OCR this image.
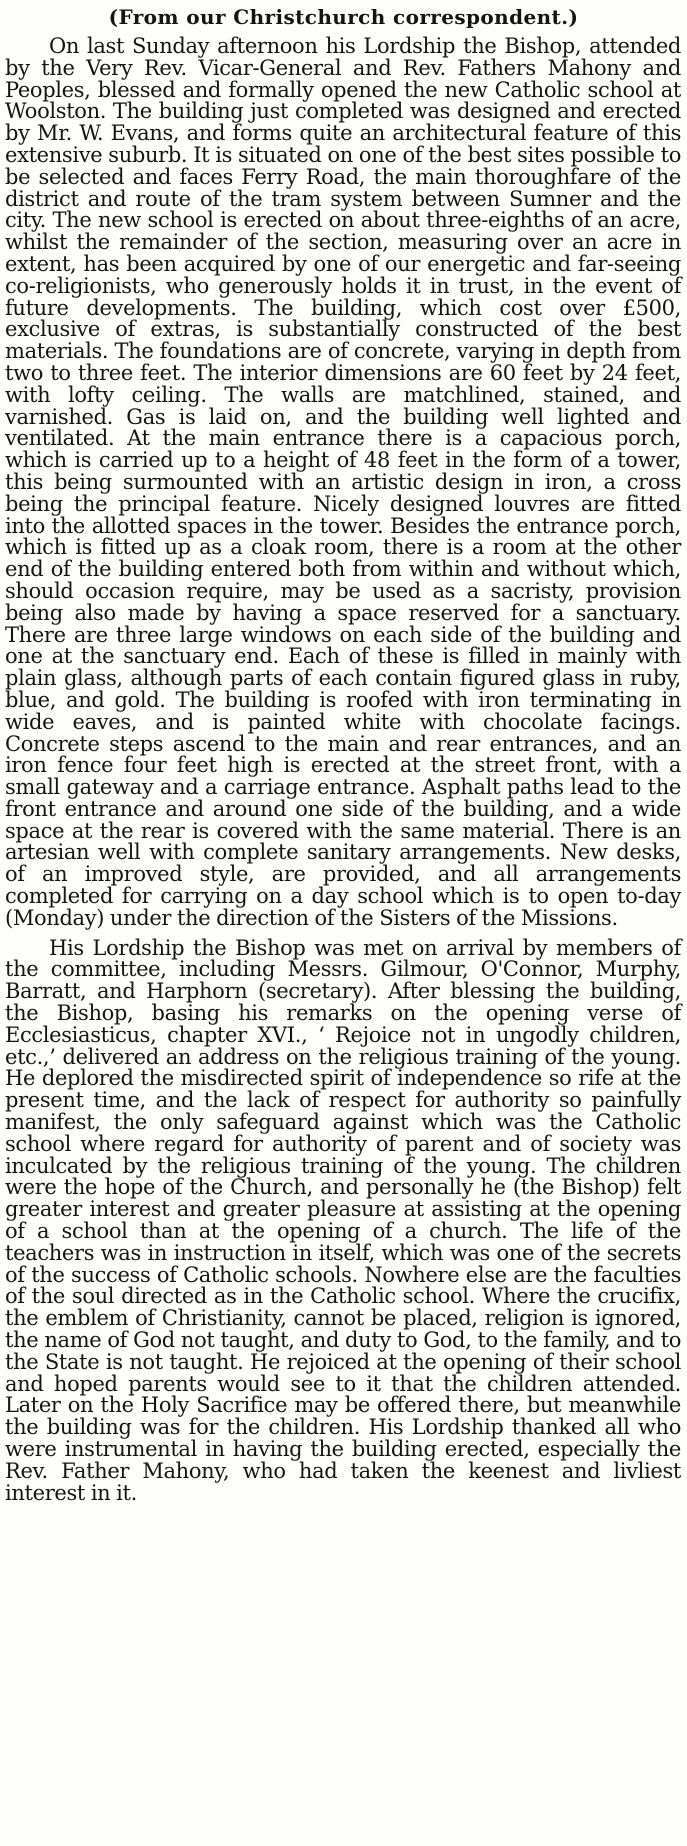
(From our Christchurch correspondent.)

On last Sunday afternoon his Lordship the Bishop, attended by the Very Rev. Vicar-General and Rev. Fathers Mahony and Peoples, blessed and formally opened the new Catholic school at Woolston. The building just completed was designed and erected by Mr. W. Evans, and forms quite an architectural feature of this extensive suburb. It is situated on one of the best sites possible to be selected and faces Ferry Road, the main thoroughfare of the district and route of the tram system between Sumner and the city. The new school is erected on about three-eighths of an acre, whilst the remainder of the section, measuring over an acre in extent, has been acquired by one of our energetic and far-seeing co-religionists, who generously holds it in trust, in the event of future developments. The building, which cost over £500, exclusive of extras, is substantially constructed of the best materials. The foundations are of concrete, varying in depth from two to three feet. The interior dimensions are 60 feet by 24 feet, with lofty ceiling. The walls are matchlined, stained, and varnished. Gas is laid on, and the building well lighted and ventilated. At the main entrance there is a capacious porch, which is carried up to a height of 48 feet in the form of a tower, this being surmounted with an artistic design in iron, a cross being the principal feature. Nicely designed louvres are fitted into the allotted spaces in the tower. Besides the entrance porch, which is fitted up as a cloak room, there is a room at the other end of the building entered both from within and without which, should occasion require, may be used as a sacristy, provision being also made by having a space reserved for a sanctuary. There are three large windows on each side of the building and one at the sanctuary end. Each of these is filled in mainly with plain glass, although parts of each contain figured glass in ruby, blue, and gold. The building is roofed with iron terminating in wide eaves, and is painted white with chocolate facings. Concrete steps ascend to the main and rear entrances, and an iron fence four feet high is erected at the street front, with a small gateway and a carriage entrance. Asphalt paths lead to the front entrance and around one side of the building, and a wide space at the rear is covered with the same material. There is an artesian well with complete sanitary arrangements. New desks, of an improved style, are provided, and all arrangements completed for carrying on a day school which is to open to-day (Monday) under the direction of the Sisters of the Missions.

His Lordship the Bishop was met on arrival by members of the committee, including Messrs. Gilmour, O'Connor, Murphy, Barratt, and Harphorn (secretary). After blessing the building, the Bishop, basing his remarks on the opening verse of Ecclesiasticus, chapter XVI., ‘ Rejoice not in ungodly children, etc.,’ delivered an address on the religious training of the young. He deplored the misdirected spirit of independence so rife at the present time, and the lack of respect for authority so painfully manifest, the only safeguard against which was the Catholic school where regard for authority of parent and of society was inculcated by the religious training of the young. The children were the hope of the Church, and personally he (the Bishop) felt greater interest and greater pleasure at assisting at the opening of a school than at the opening of a church. The life of the teachers was in instruction in itself, which was one of the secrets of the success of Catholic schools. Nowhere else are the faculties of the soul directed as in the Catholic school. Where the crucifix, the emblem of Christianity, cannot be placed, religion is ignored, the name of God not taught, and duty to God, to the family, and to the State is not taught. He rejoiced at the opening of their school and hoped parents would see to it that the children attended. Later on the Holy Sacrifice may be offered there, but meanwhile the building was for the children. His Lordship thanked all who were instrumental in having the building erected, especially the Rev. Father Mahony, who had taken the keenest and livliest interest in it.
